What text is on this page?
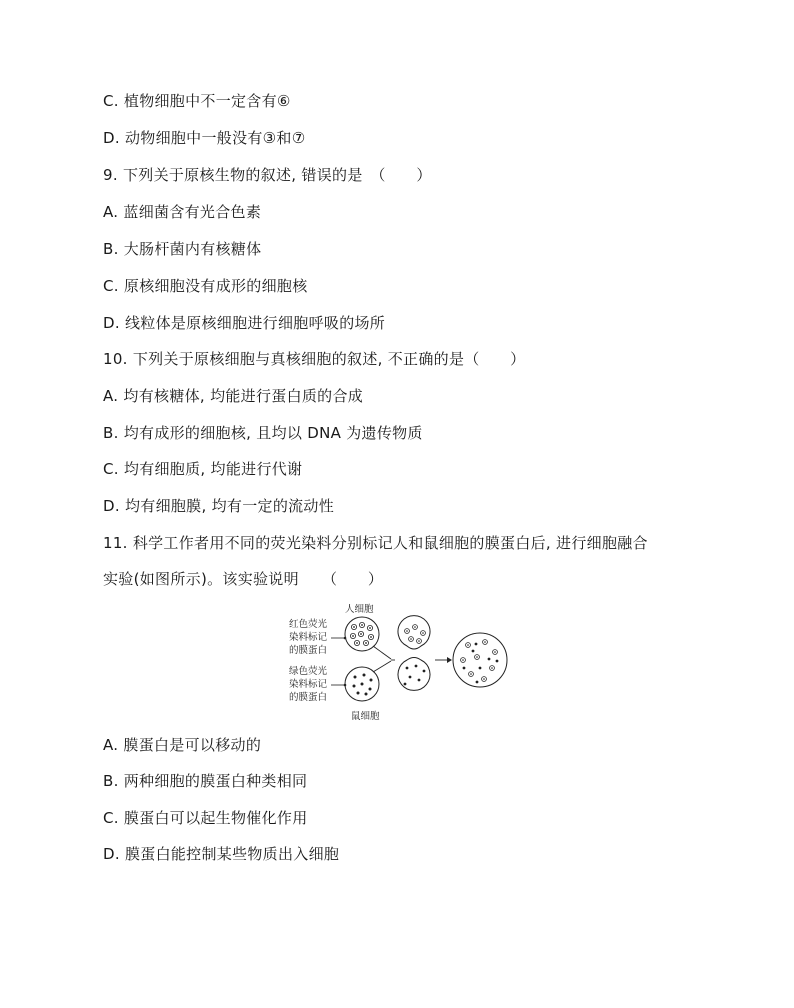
C. 植物细胞中不一定含有⑥
D. 动物细胞中一般没有③和⑦
9. 下列关于原核生物的叙述, 错误的是　（　　）
A. 蓝细菌含有光合色素
B. 大肠杆菌内有核糖体
C. 原核细胞没有成形的细胞核
D. 线粒体是原核细胞进行细胞呼吸的场所
10. 下列关于原核细胞与真核细胞的叙述, 不正确的是（　　）
A. 均有核糖体, 均能进行蛋白质的合成
B. 均有成形的细胞核, 且均以 DNA 为遗传物质
C. 均有细胞质, 均能进行代谢
D. 均有细胞膜, 均有一定的流动性
11. 科学工作者用不同的荧光染料分别标记人和鼠细胞的膜蛋白后, 进行细胞融合
实验(如图所示)。该实验说明　　（　　）
人细胞
红色荧光
染料标记
的膜蛋白
绿色荧光
染料标记
的膜蛋白
鼠细胞
A. 膜蛋白是可以移动的
B. 两种细胞的膜蛋白种类相同
C. 膜蛋白可以起生物催化作用
D. 膜蛋白能控制某些物质出入细胞
